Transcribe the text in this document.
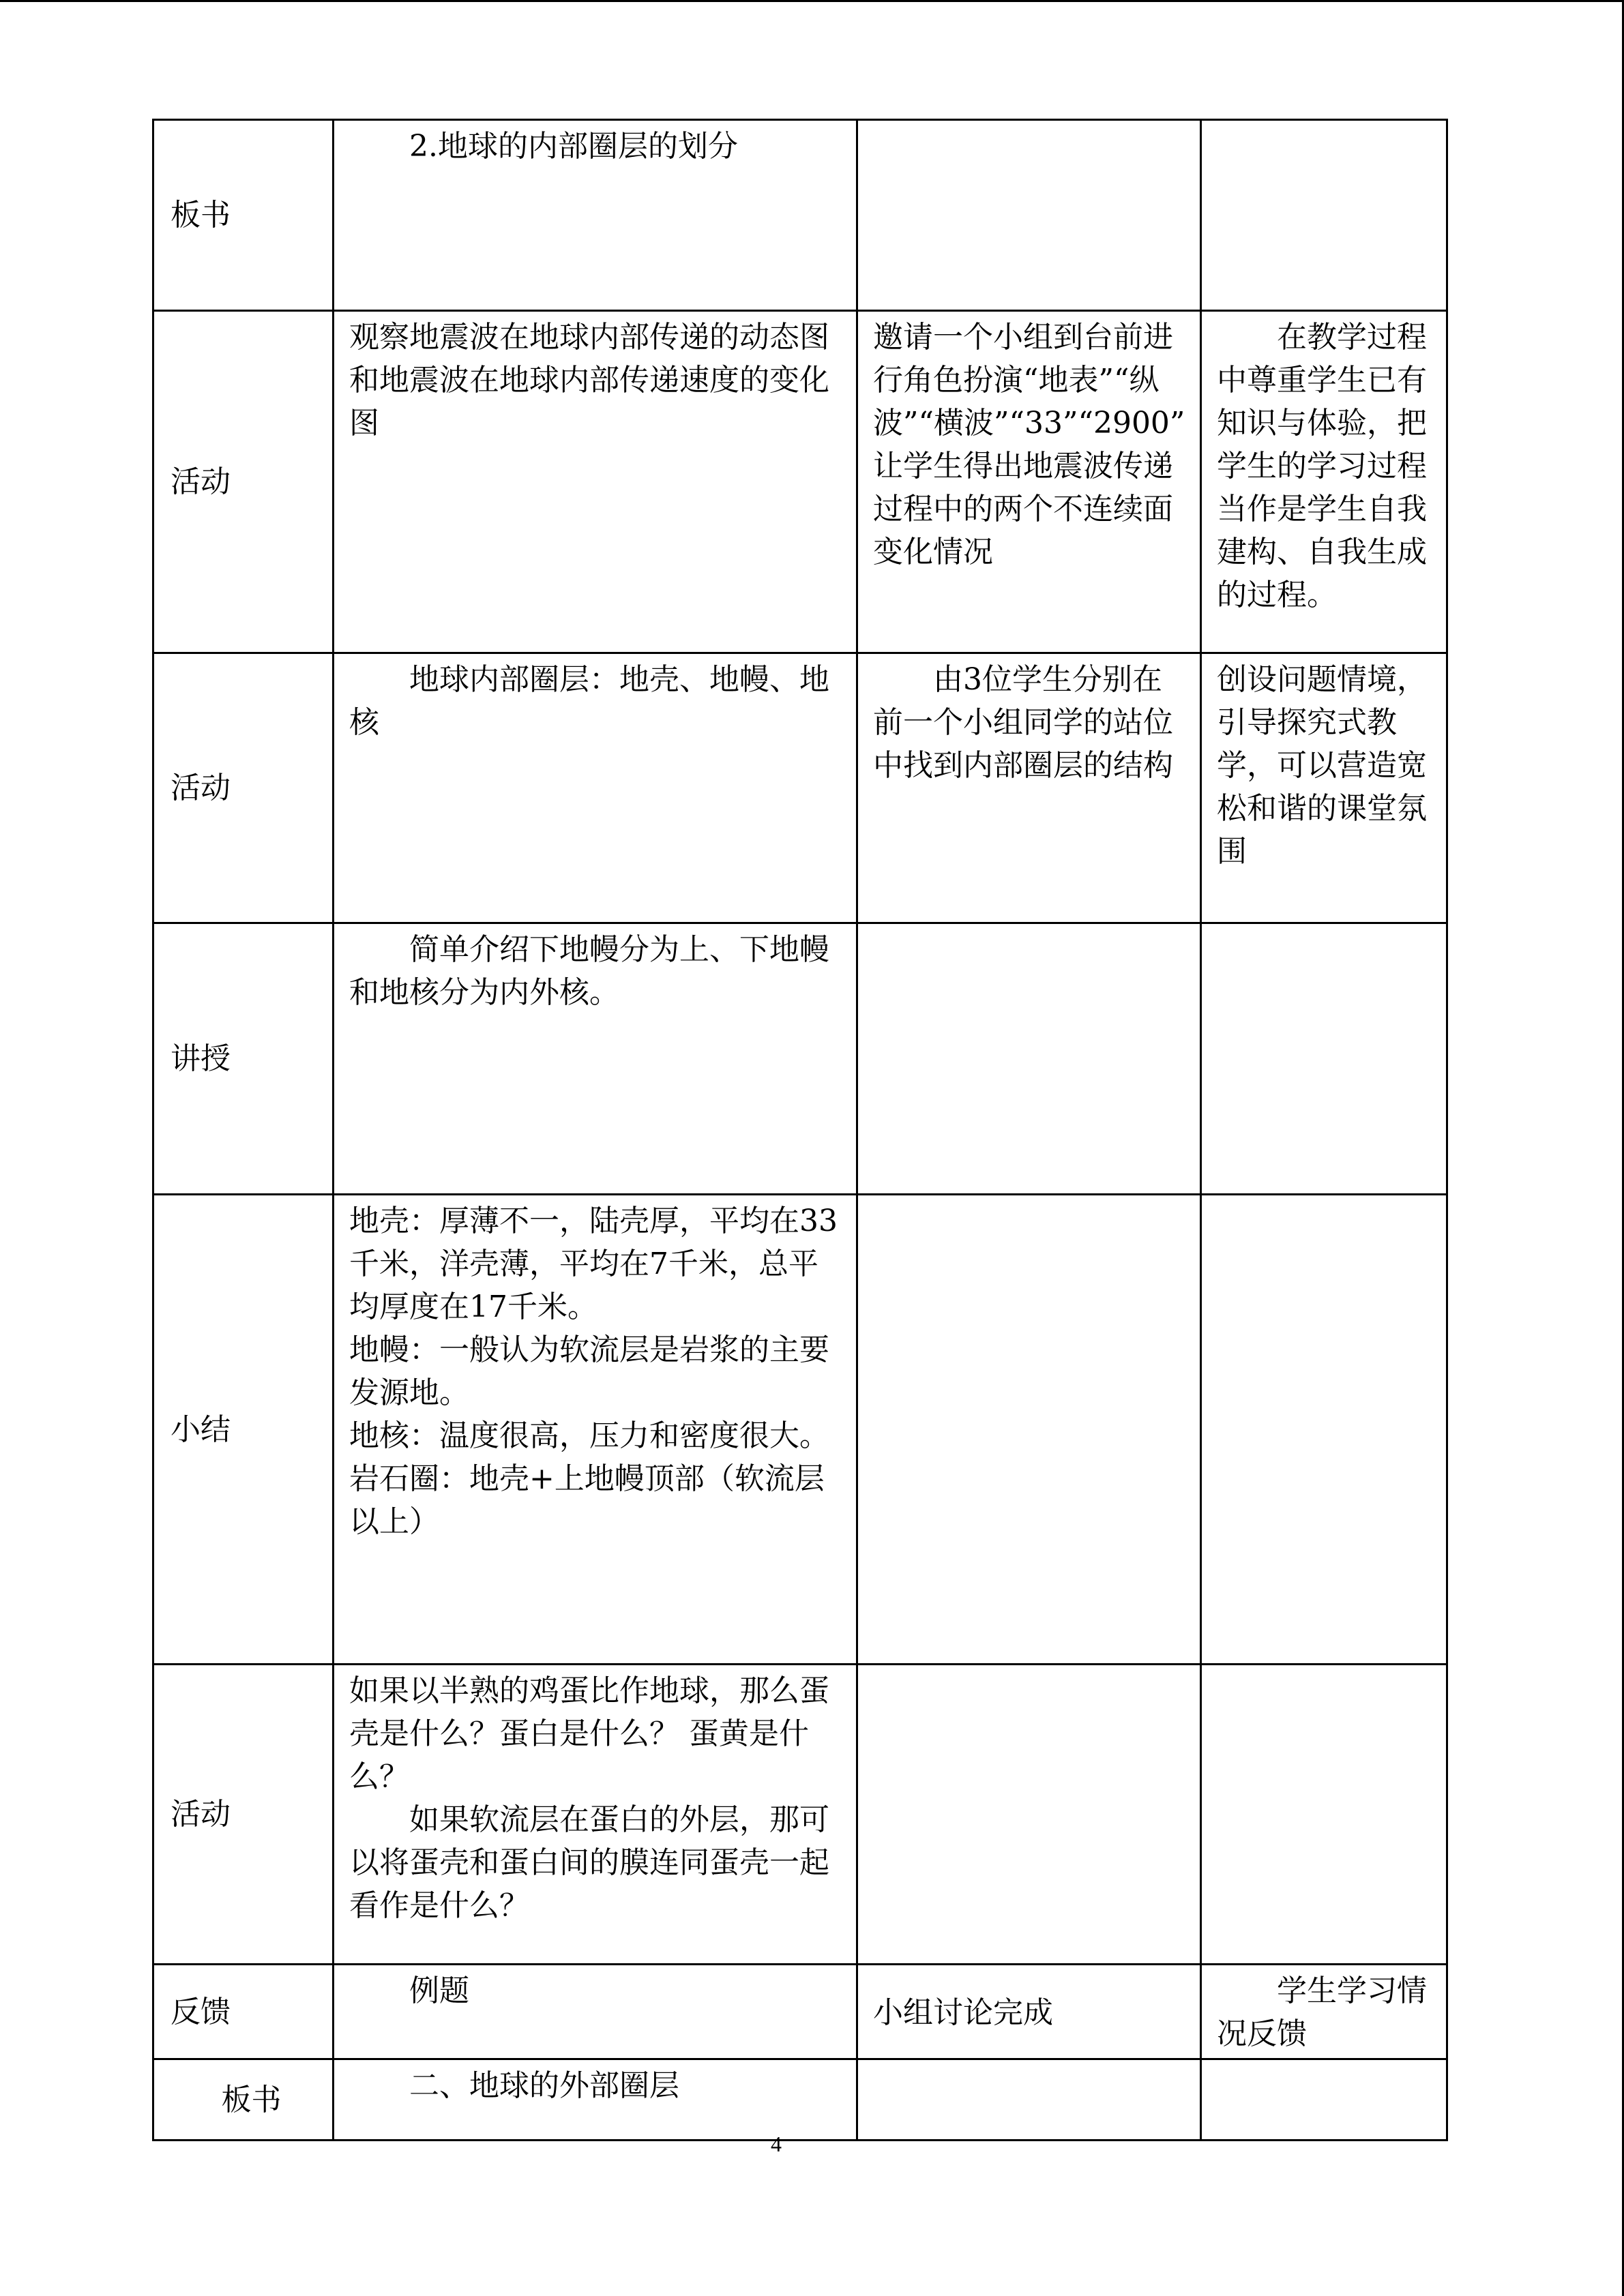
板书	2.地球的内部圈层的划分		

活动	观察地震波在地球内部传递的动态图和地震波在地球内部传递速度的变化图	邀请一个小组到台前进行角色扮演“地表”“纵波”“横波”“33”“2900” 让学生得出地震波传递过程中的两个不连续面变化情况	在教学过程中尊重学生已有知识与体验，把学生的学习过程当作是学生自我建构、自我生成的过程。

活动	地球内部圈层：地壳、地幔、地核	由3位学生分别在前一个小组同学的站位中找到内部圈层的结构	创设问题情境，引导探究式教学，可以营造宽松和谐的课堂氛围

讲授	简单介绍下地幔分为上、下地幔和地核分为内外核。		

小结	地壳：厚薄不一，陆壳厚，平均在33千米，洋壳薄，平均在7千米，总平均厚度在17千米。
地幔：一般认为软流层是岩浆的主要发源地。
地核：温度很高，压力和密度很大。
岩石圈：地壳+上地幔顶部（软流层以上）		

活动	如果以半熟的鸡蛋比作地球，那么蛋壳是什么？蛋白是什么？ 蛋黄是什么？
如果软流层在蛋白的外层，那可以将蛋壳和蛋白间的膜连同蛋壳一起看作是什么？		

反馈	例题	小组讨论完成	学生学习情况反馈

板书	二、地球的外部圈层		

4
